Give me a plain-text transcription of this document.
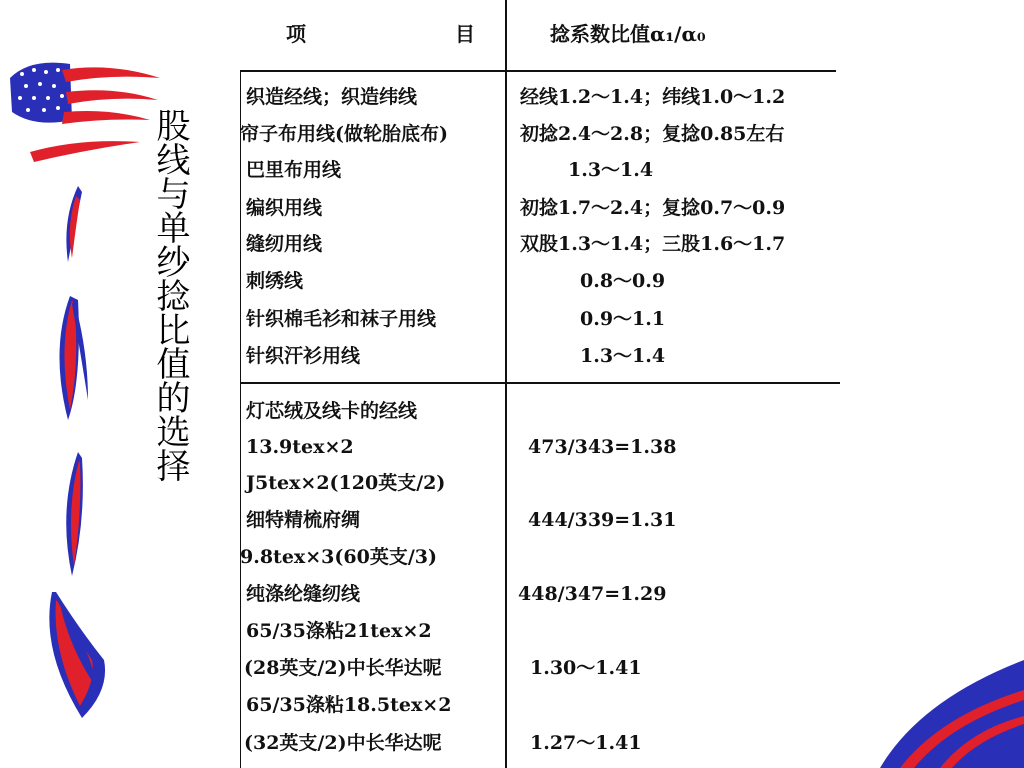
股线与单纱捻比值的选择
项	目	捻系数比值α₁/α₀
织造经线；织造纬线	经线1.2～1.4；纬线1.0～1.2
帘子布用线(做轮胎底布)	初捻2.4～2.8；复捻0.85左右
巴里布用线	1.3～1.4
编织用线	初捻1.7～2.4；复捻0.7～0.9
缝纫用线	双股1.3～1.4；三股1.6～1.7
刺绣线	0.8～0.9
针织棉毛衫和袜子用线	0.9～1.1
针织汗衫用线	1.3～1.4
灯芯绒及线卡的经线
13.9tex×2	473/343=1.38
J5tex×2(120英支/2)
细特精梳府绸	444/339=1.31
9.8tex×3(60英支/3)
纯涤纶缝纫线	448/347=1.29
65/35涤粘21tex×2
(28英支/2)中长华达呢	1.30～1.41
65/35涤粘18.5tex×2
(32英支/2)中长华达呢	1.27～1.41
